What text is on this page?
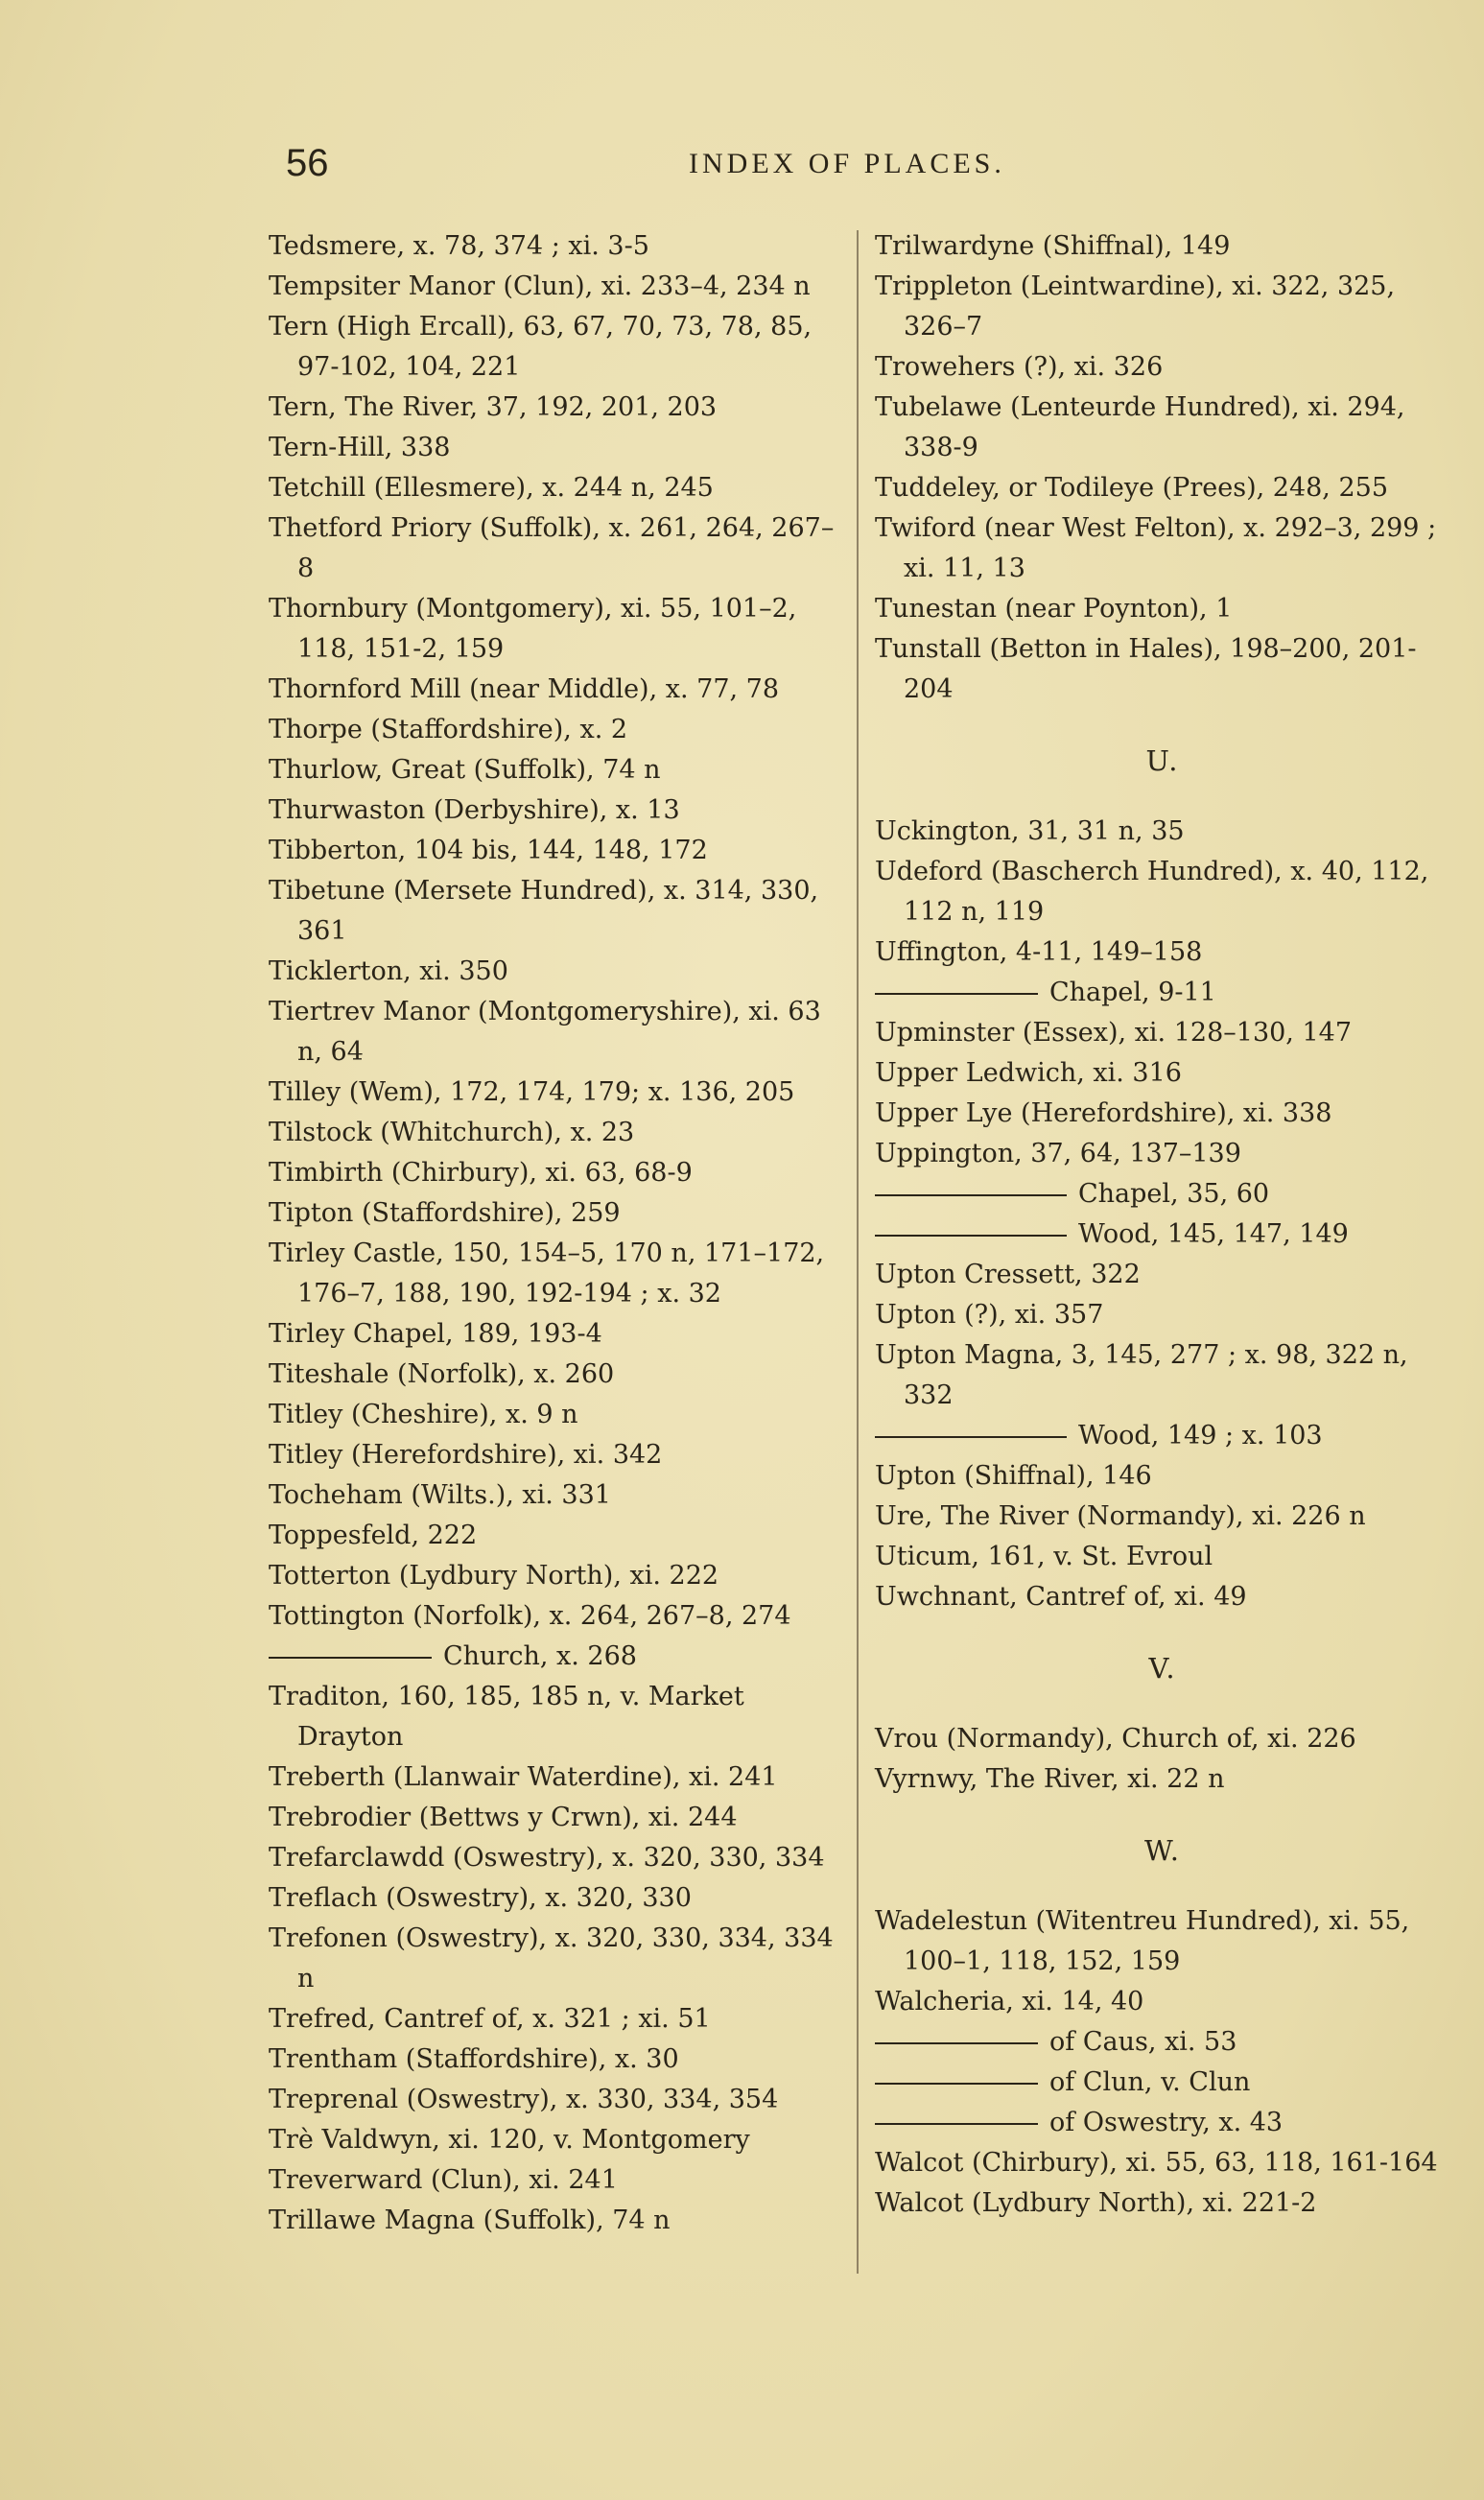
56	INDEX OF PLACES.

Tedsmere, x. 78, 374 ; xi. 3-5

Tempsiter Manor (Clun), xi. 233–4, 234 n

Tern (High Ercall), 63, 67, 70, 73, 78, 85, 97-102, 104, 221

Tern, The River, 37, 192, 201, 203

Tern-Hill, 338

Tetchill (Ellesmere), x. 244 n, 245

Thetford Priory (Suffolk), x. 261, 264, 267–8

Thornbury (Montgomery), xi. 55, 101–2, 118, 151-2, 159

Thornford Mill (near Middle), x. 77, 78

Thorpe (Staffordshire), x. 2

Thurlow, Great (Suffolk), 74 n

Thurwaston (Derbyshire), x. 13

Tibberton, 104 bis, 144, 148, 172

Tibetune (Mersete Hundred), x. 314, 330, 361

Ticklerton, xi. 350

Tiertrev Manor (Montgomeryshire), xi. 63 n, 64

Tilley (Wem), 172, 174, 179; x. 136, 205

Tilstock (Whitchurch), x. 23

Timbirth (Chirbury), xi. 63, 68-9

Tipton (Staffordshire), 259

Tirley Castle, 150, 154–5, 170 n, 171–172, 176–7, 188, 190, 192-194 ; x. 32

Tirley Chapel, 189, 193-4

Titeshale (Norfolk), x. 260

Titley (Cheshire), x. 9 n

Titley (Herefordshire), xi. 342

Tocheham (Wilts.), xi. 331

Toppesfeld, 222

Totterton (Lydbury North), xi. 222

Tottington (Norfolk), x. 264, 267–8, 274

Church, x. 268

Traditon, 160, 185, 185 n, v. Market Drayton

Treberth (Llanwair Waterdine), xi. 241

Trebrodier (Bettws y Crwn), xi. 244

Trefarclawdd (Oswestry), x. 320, 330, 334

Treflach (Oswestry), x. 320, 330

Trefonen (Oswestry), x. 320, 330, 334, 334 n

Trefred, Cantref of, x. 321 ; xi. 51

Trentham (Staffordshire), x. 30

Treprenal (Oswestry), x. 330, 334, 354

Trè Valdwyn, xi. 120, v. Montgomery

Treverward (Clun), xi. 241

Trillawe Magna (Suffolk), 74 n

Trilwardyne (Shiffnal), 149

Trippleton (Leintwardine), xi. 322, 325, 326–7

Trowehers (?), xi. 326

Tubelawe (Lenteurde Hundred), xi. 294, 338-9

Tuddeley, or Todileye (Prees), 248, 255

Twiford (near West Felton), x. 292–3, 299 ; xi. 11, 13

Tunestan (near Poynton), 1

Tunstall (Betton in Hales), 198–200, 201-204

U.

Uckington, 31, 31 n, 35

Udeford (Bascherch Hundred), x. 40, 112, 112 n, 119

Uffington, 4-11, 149–158

Chapel, 9-11

Upminster (Essex), xi. 128–130, 147

Upper Ledwich, xi. 316

Upper Lye (Herefordshire), xi. 338

Uppington, 37, 64, 137–139

Chapel, 35, 60

Wood, 145, 147, 149

Upton Cressett, 322

Upton (?), xi. 357

Upton Magna, 3, 145, 277 ; x. 98, 322 n, 332

Wood, 149 ; x. 103

Upton (Shiffnal), 146

Ure, The River (Normandy), xi. 226 n

Uticum, 161, v. St. Evroul

Uwchnant, Cantref of, xi. 49

V.

Vrou (Normandy), Church of, xi. 226

Vyrnwy, The River, xi. 22 n

W.

Wadelestun (Witentreu Hundred), xi. 55, 100–1, 118, 152, 159

Walcheria, xi. 14, 40

of Caus, xi. 53

of Clun, v. Clun

of Oswestry, x. 43

Walcot (Chirbury), xi. 55, 63, 118, 161-164

Walcot (Lydbury North), xi. 221-2
